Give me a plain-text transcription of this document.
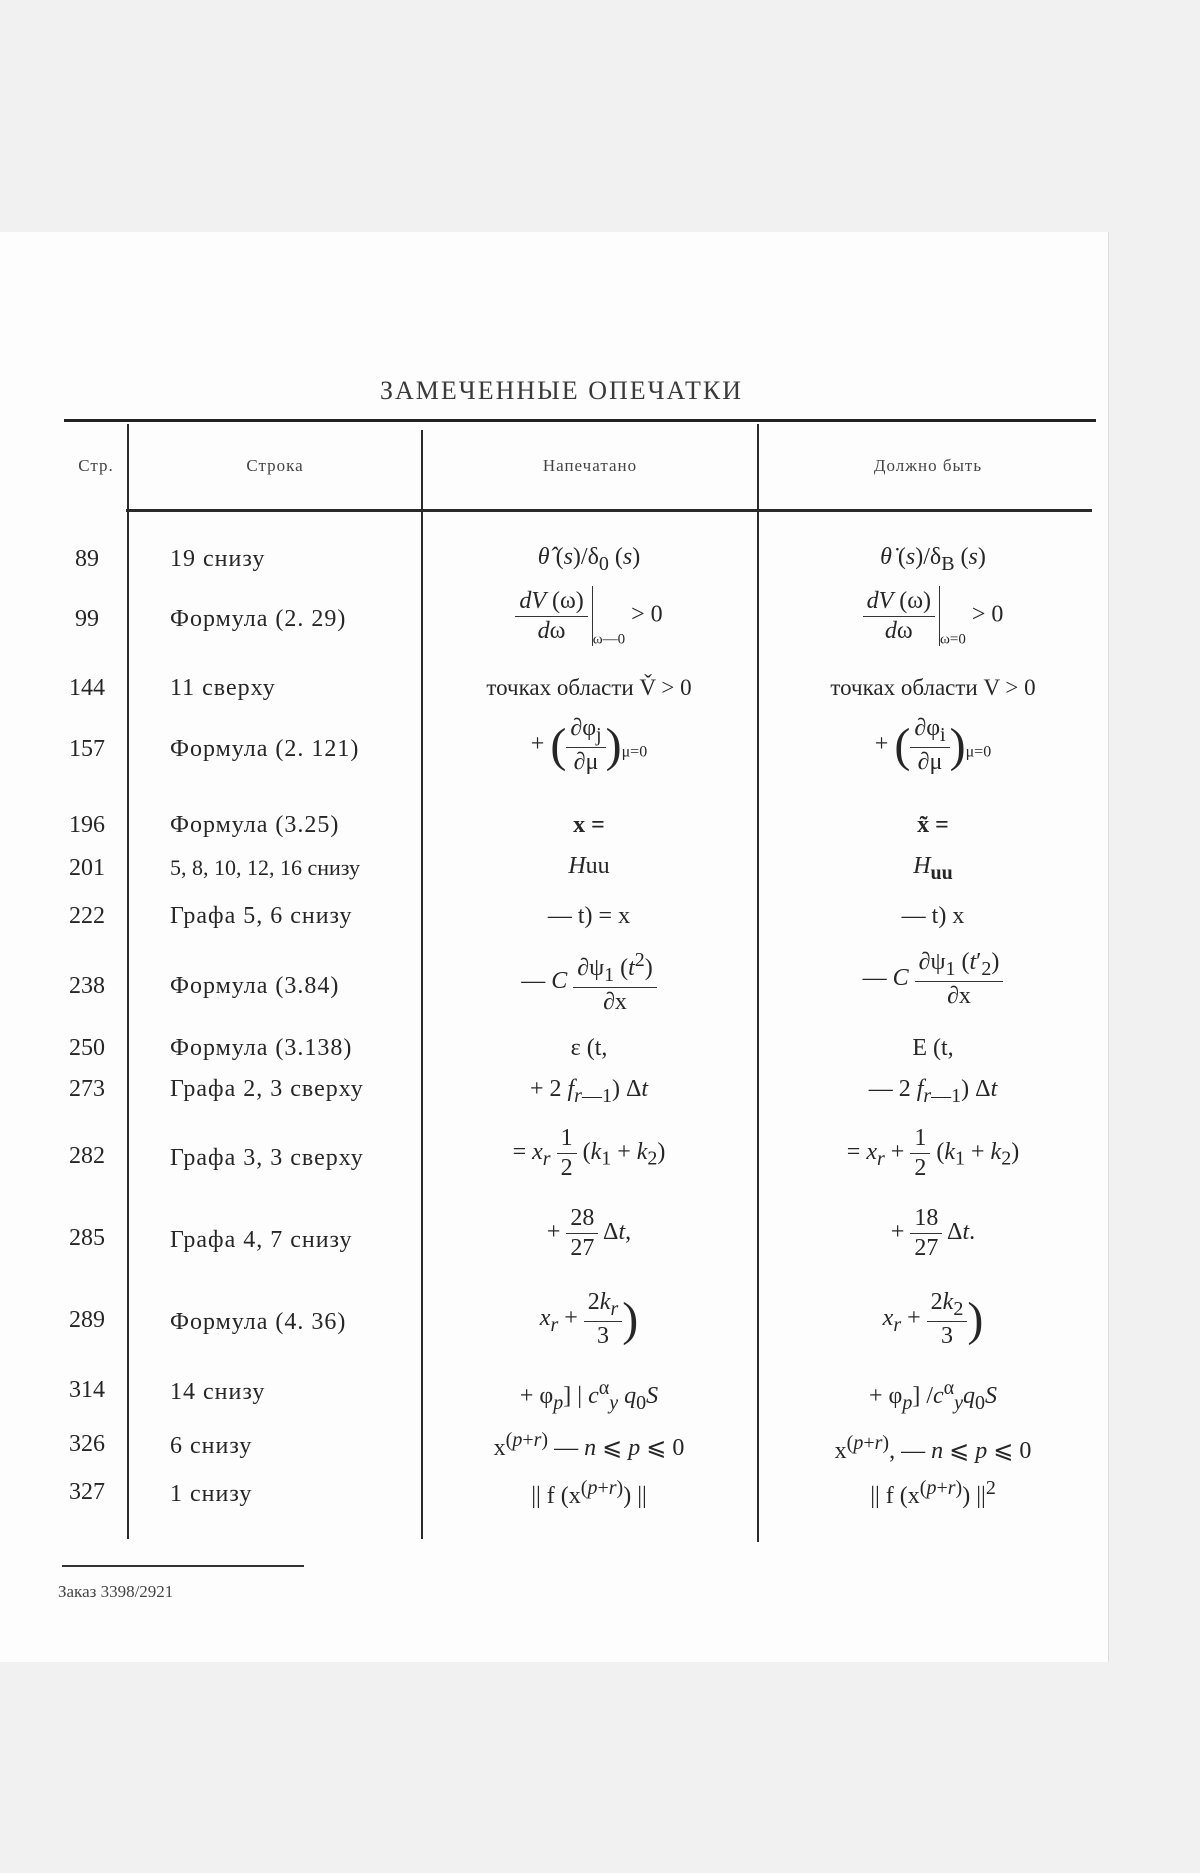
ЗАМЕЧЕННЫЕ ОПЕЧАТКИ
Стр.	Строка	Напечатано	Должно быть
89	19 снизу	θ̂ $(s)/\delta_0$ (s)	θ̇ $(s)/\delta_B$ (s)
99	Формула (2. 29)	$\frac{dV (\omega)}{d\omega} _{\omega—0} > 0$	$\frac{dV (\omega)}{d\omega} _{\omega=0} > 0$
144	11 сверху	точках области V̌ > 0	точках области V > 0
157	Формула (2. 121)	+ ( $\frac{\partial\varphi_j}{\partial\mu} )_{\mu=0}$	+ ( $\frac{\partial\varphi_i}{\partial\mu} )_{\mu=0}$
196	Формула (3.25)	x =	x̃ =
201	5, 8, 10, 12, 16 снизу	Huu	$H_{uu}$
222	Графа 5, 6 снизу	— t) = x	— t) x
238	Формула (3.84)	— C $\frac{\partial\psi_1 (t^2)}{\partial x}$	— C $\frac{\partial\psi_1 (t'_2)}{\partial x}$
250	Формула (3.138)	ε (t,	E (t,
273	Графа 2, 3 сверху	+ 2 $f_{r—1}$) Δt	— 2 $f_{r—1}$) Δt
282	Графа 3, 3 сверху	= $x_r \frac{1}{2} (k_1 + k_2)$	= $x_r + \frac{1}{2} (k_1 + k_2)$
285	Графа 4, 7 снизу	+ $\frac{28}{27} \Delta t$,	+ $\frac{18}{27} \Delta t$.
289	Формула (4. 36)	$x_r + \frac{2k_r}{3}$ )	$x_r + \frac{2k_2}{3}$ )
314	14 снизу	+ $\varphi_p$] | $c^\alpha_y$ $q_0S$	+ $\varphi_p$] $/c^\alpha_yq_0S$
326	6 снизу	$x^{(p+r)}$ — n ⩽ p ⩽ 0	$x^{(p+r)}$, — n ⩽ p ⩽ 0
327	1 снизу	|| f $(x^{(p+r)})$ ||	|| f $(x^{(p+r)})$ $||^2$
Заказ 3398/2921
